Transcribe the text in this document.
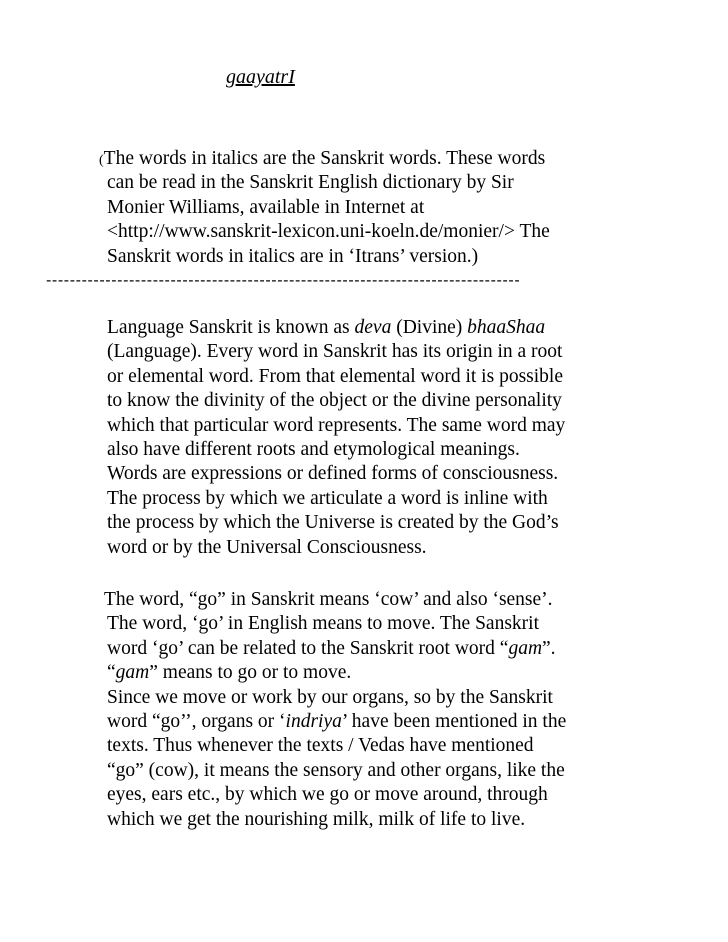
gaayatrI
(The words in italics are the Sanskrit words. These words
can be read in the Sanskrit English dictionary by Sir
Monier Williams, available in Internet at
<http://www.sanskrit-lexicon.uni-koeln.de/monier/> The
Sanskrit words in italics are in ‘Itrans’ version.)
--------------------------------------------------------------------------------
Language Sanskrit is known as deva (Divine) bhaaShaa
(Language). Every word in Sanskrit has its origin in a root
or elemental word. From that elemental word it is possible
to know the divinity of the object or the divine personality
which that particular word represents. The same word may
also have different roots and etymological meanings.
Words are expressions or defined forms of consciousness.
The process by which we articulate a word is inline with
the process by which the Universe is created by the God’s
word or by the Universal Consciousness.
The word, “go” in Sanskrit means ‘cow’ and also ‘sense’.
The word, ‘go’ in English means to move. The Sanskrit
word ‘go’ can be related to the Sanskrit root word “gam”.
“gam” means to go or to move.
Since we move or work by our organs, so by the Sanskrit
word “go’’, organs or ‘indriya’ have been mentioned in the
texts. Thus whenever the texts / Vedas have mentioned
“go” (cow), it means the sensory and other organs, like the
eyes, ears etc., by which we go or move around, through
which we get the nourishing milk, milk of life to live.
